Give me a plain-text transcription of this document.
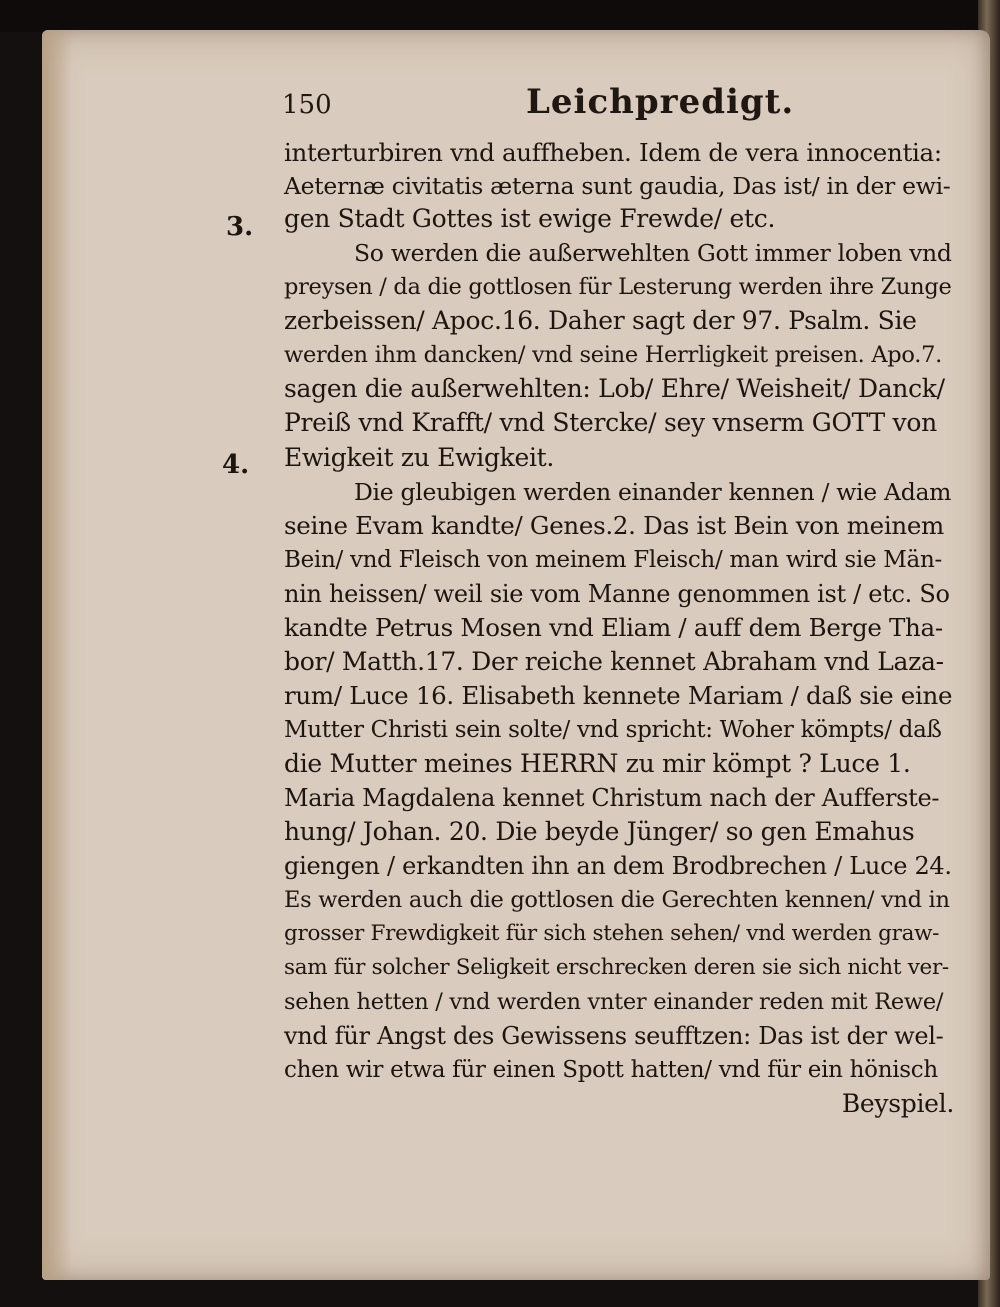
150	Leichpredigt.
3.
4.
interturbiren vnd auffheben. Idem de vera innocentia:
Aeternæ civitatis æterna sunt gaudia, Das ist/ in der ewi-
gen Stadt Gottes ist ewige Frewde/ etc.
So werden die außerwehlten Gott immer loben vnd
preysen / da die gottlosen für Lesterung werden ihre Zunge
zerbeissen/ Apoc.16. Daher sagt der 97. Psalm. Sie
werden ihm dancken/ vnd seine Herrligkeit preisen. Apo.7.
sagen die außerwehlten: Lob/ Ehre/ Weisheit/ Danck/
Preiß vnd Krafft/ vnd Stercke/ sey vnserm GOTT von
Ewigkeit zu Ewigkeit.
Die gleubigen werden einander kennen / wie Adam
seine Evam kandte/ Genes.2. Das ist Bein von meinem
Bein/ vnd Fleisch von meinem Fleisch/ man wird sie Män-
nin heissen/ weil sie vom Manne genommen ist / etc. So
kandte Petrus Mosen vnd Eliam / auff dem Berge Tha-
bor/ Matth.17. Der reiche kennet Abraham vnd Laza-
rum/ Luce 16. Elisabeth kennete Mariam / daß sie eine
Mutter Christi sein solte/ vnd spricht: Woher kömpts/ daß
die Mutter meines HERRN zu mir kömpt ? Luce 1.
Maria Magdalena kennet Christum nach der Aufferste-
hung/ Johan. 20. Die beyde Jünger/ so gen Emahus
giengen / erkandten ihn an dem Brodbrechen / Luce 24.
Es werden auch die gottlosen die Gerechten kennen/ vnd in
grosser Frewdigkeit für sich stehen sehen/ vnd werden graw-
sam für solcher Seligkeit erschrecken deren sie sich nicht ver-
sehen hetten / vnd werden vnter einander reden mit Rewe/
vnd für Angst des Gewissens seufftzen: Das ist der wel-
chen wir etwa für einen Spott hatten/ vnd für ein hönisch
Beyspiel.
